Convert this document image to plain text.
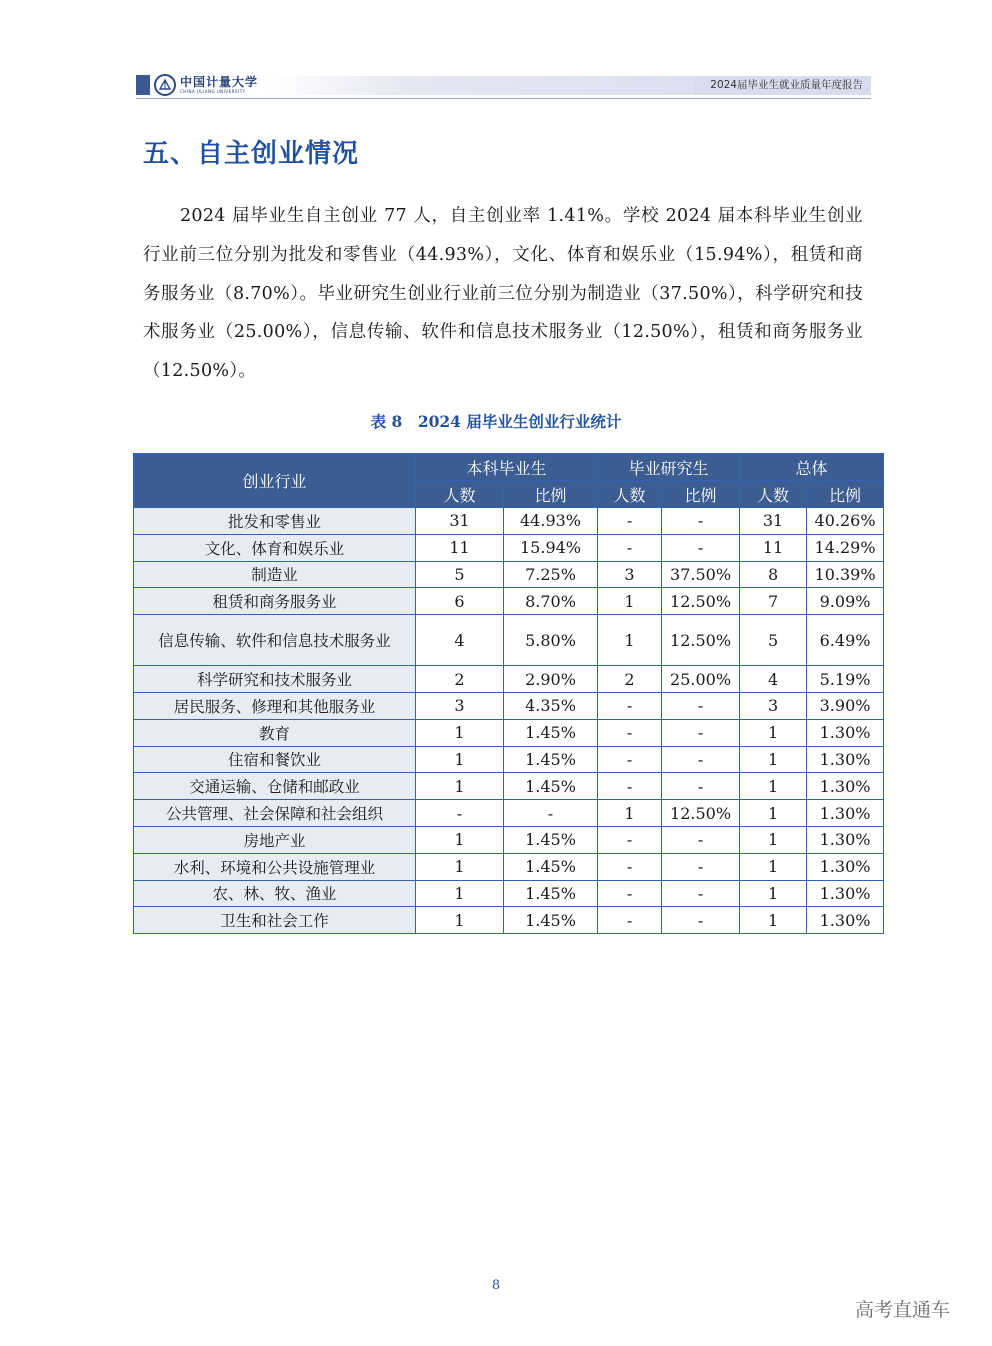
中国计量大学
CHINA JILIANG UNIVERSITY
2024届毕业生就业质量年度报告
五、自主创业情况

2024 届毕业生自主创业 77 人，自主创业率 1.41%。学校 2024 届本科毕业生创业行业前三位分别为批发和零售业（44.93%），文化、体育和娱乐业（15.94%），租赁和商务服务业（8.70%）。毕业研究生创业行业前三位分别为制造业（37.50%），科学研究和技术服务业（25.00%），信息传输、软件和信息技术服务业（12.50%），租赁和商务服务业（12.50%）。

表 8　2024 届毕业生创业行业统计
创业行业	本科毕业生		毕业研究生		总体	
	人数	比例	人数	比例	人数	比例
批发和零售业	31	44.93%	-	-	31	40.26%
文化、体育和娱乐业	11	15.94%	-	-	11	14.29%
制造业	5	7.25%	3	37.50%	8	10.39%
租赁和商务服务业	6	8.70%	1	12.50%	7	9.09%
信息传输、软件和信息技术服务业	4	5.80%	1	12.50%	5	6.49%
科学研究和技术服务业	2	2.90%	2	25.00%	4	5.19%
居民服务、修理和其他服务业	3	4.35%	-	-	3	3.90%
教育	1	1.45%	-	-	1	1.30%
住宿和餐饮业	1	1.45%	-	-	1	1.30%
交通运输、仓储和邮政业	1	1.45%	-	-	1	1.30%
公共管理、社会保障和社会组织	-	-	1	12.50%	1	1.30%
房地产业	1	1.45%	-	-	1	1.30%
水利、环境和公共设施管理业	1	1.45%	-	-	1	1.30%
农、林、牧、渔业	1	1.45%	-	-	1	1.30%
卫生和社会工作	1	1.45%	-	-	1	1.30%
8
高考直通车
